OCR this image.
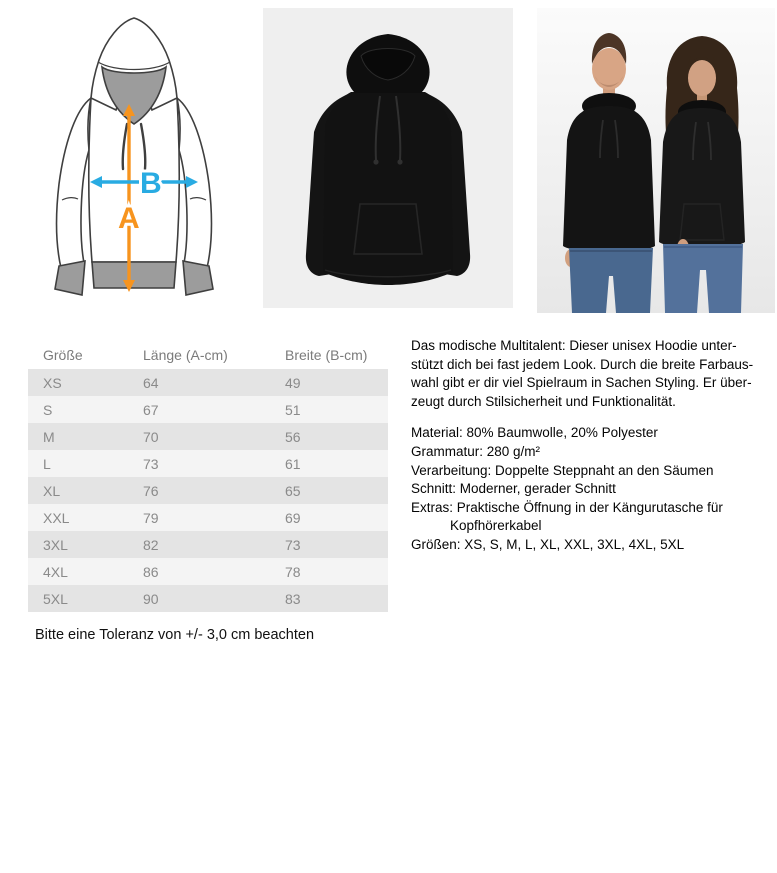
B
A
Größe	Länge (A-cm)	Breite (B-cm)
XS	64	49
S	67	51
M	70	56
L	73	61
XL	76	65
XXL	79	69
3XL	82	73
4XL	86	78
5XL	90	83
Bitte eine Toleranz von +/- 3,0 cm beachten

Das modische Multitalent: Dieser unisex Hoodie unter-

stützt dich bei fast jedem Look. Durch die breite Farbaus-

wahl gibt er dir viel Spielraum in Sachen Styling. Er über-

zeugt durch Stilsicherheit und Funktionalität.

Material: 80% Baumwolle, 20% Polyester

Grammatur: 280 g/m²

Verarbeitung: Doppelte Steppnaht an den Säumen

Schnitt: Moderner, gerader Schnitt

Extras: Praktische Öffnung in der Kängurutasche für

Kopfhörerkabel

Größen: XS, S, M, L, XL, XXL, 3XL, 4XL, 5XL
